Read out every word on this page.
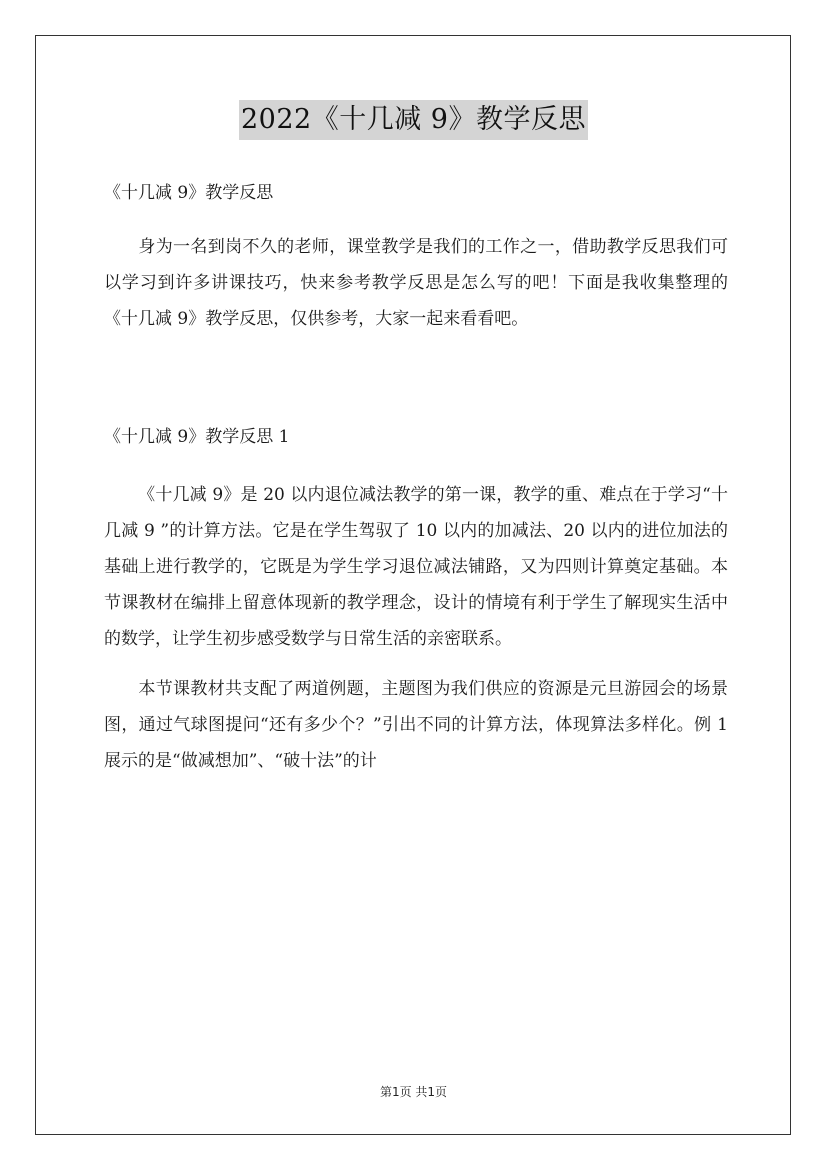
2022《十几减 9》教学反思

《十几减 9》教学反思

身为一名到岗不久的老师，课堂教学是我们的工作之一，借助教学反思我们可以学习到许多讲课技巧，快来参考教学反思是怎么写的吧！下面是我收集整理的《十几减 9》教学反思，仅供参考，大家一起来看看吧。

《十几减 9》教学反思 1

《十几减 9》是 20 以内退位减法教学的第一课，教学的重、难点在于学习“十几减 9 ”的计算方法。它是在学生驾驭了 10 以内的加减法、20 以内的进位加法的基础上进行教学的，它既是为学生学习退位减法铺路，又为四则计算奠定基础。本节课教材在编排上留意体现新的教学理念，设计的情境有利于学生了解现实生活中的数学，让学生初步感受数学与日常生活的亲密联系。

本节课教材共支配了两道例题，主题图为我们供应的资源是元旦游园会的场景图，通过气球图提问“还有多少个？”引出不同的计算方法，体现算法多样化。例 1 展示的是“做减想加”、“破十法”的计

第1页 共1页
